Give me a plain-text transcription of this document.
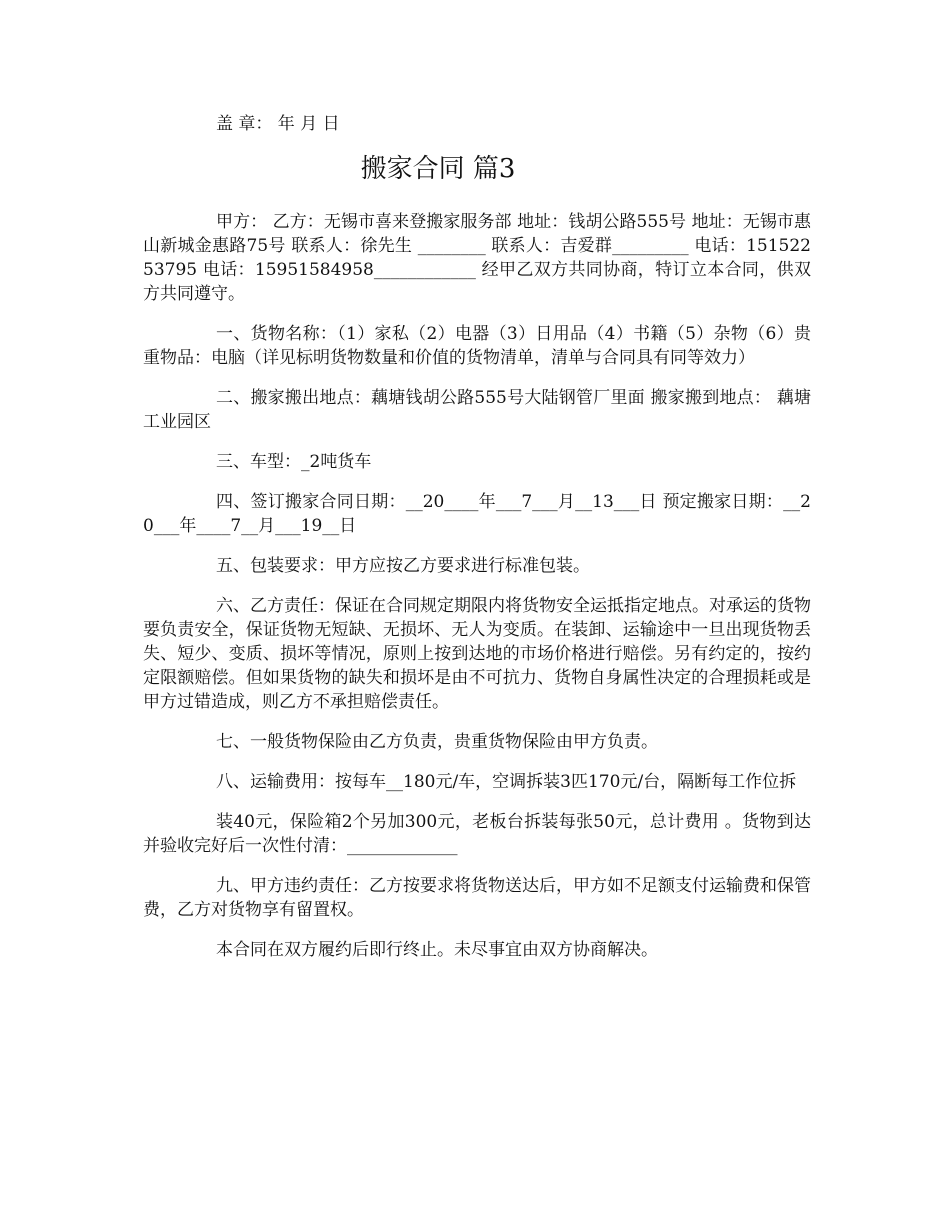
盖 章： 年 月 日
搬家合同 篇3

甲方： 乙方：无锡市喜来登搬家服务部 地址：钱胡公路555号 地址：无锡市惠山新城金惠路75号 联系人：徐先生 ________ 联系人：吉爱群_________ 电话：15152253795 电话：15951584958____________ 经甲乙双方共同协商，特订立本合同，供双方共同遵守。

一、货物名称：（1）家私（2）电器（3）日用品（4）书籍（5）杂物（6）贵重物品：电脑（详见标明货物数量和价值的货物清单，清单与合同具有同等效力）

二、搬家搬出地点：藕塘钱胡公路555号大陆钢管厂里面 搬家搬到地点： 藕塘工业园区

三、车型：_2吨货车

四、签订搬家合同日期：__20____年___7___月__13___日 预定搬家日期：__20___年____7__月___19__日

五、包装要求：甲方应按乙方要求进行标准包装。

六、乙方责任：保证在合同规定期限内将货物安全运抵指定地点。对承运的货物要负责安全，保证货物无短缺、无损坏、无人为变质。在装卸、运输途中一旦出现货物丢失、短少、变质、损坏等情况，原则上按到达地的市场价格进行赔偿。另有约定的，按约定限额赔偿。但如果货物的缺失和损坏是由不可抗力、货物自身属性决定的合理损耗或是甲方过错造成，则乙方不承担赔偿责任。

七、一般货物保险由乙方负责，贵重货物保险由甲方负责。

八、运输费用：按每车__180元/车，空调拆装3匹170元/台，隔断每工作位拆

装40元，保险箱2个另加300元，老板台拆装每张50元，总计费用 。货物到达并验收完好后一次性付清：_____________

九、甲方违约责任：乙方按要求将货物送达后，甲方如不足额支付运输费和保管费，乙方对货物享有留置权。

本合同在双方履约后即行终止。未尽事宜由双方协商解决。
